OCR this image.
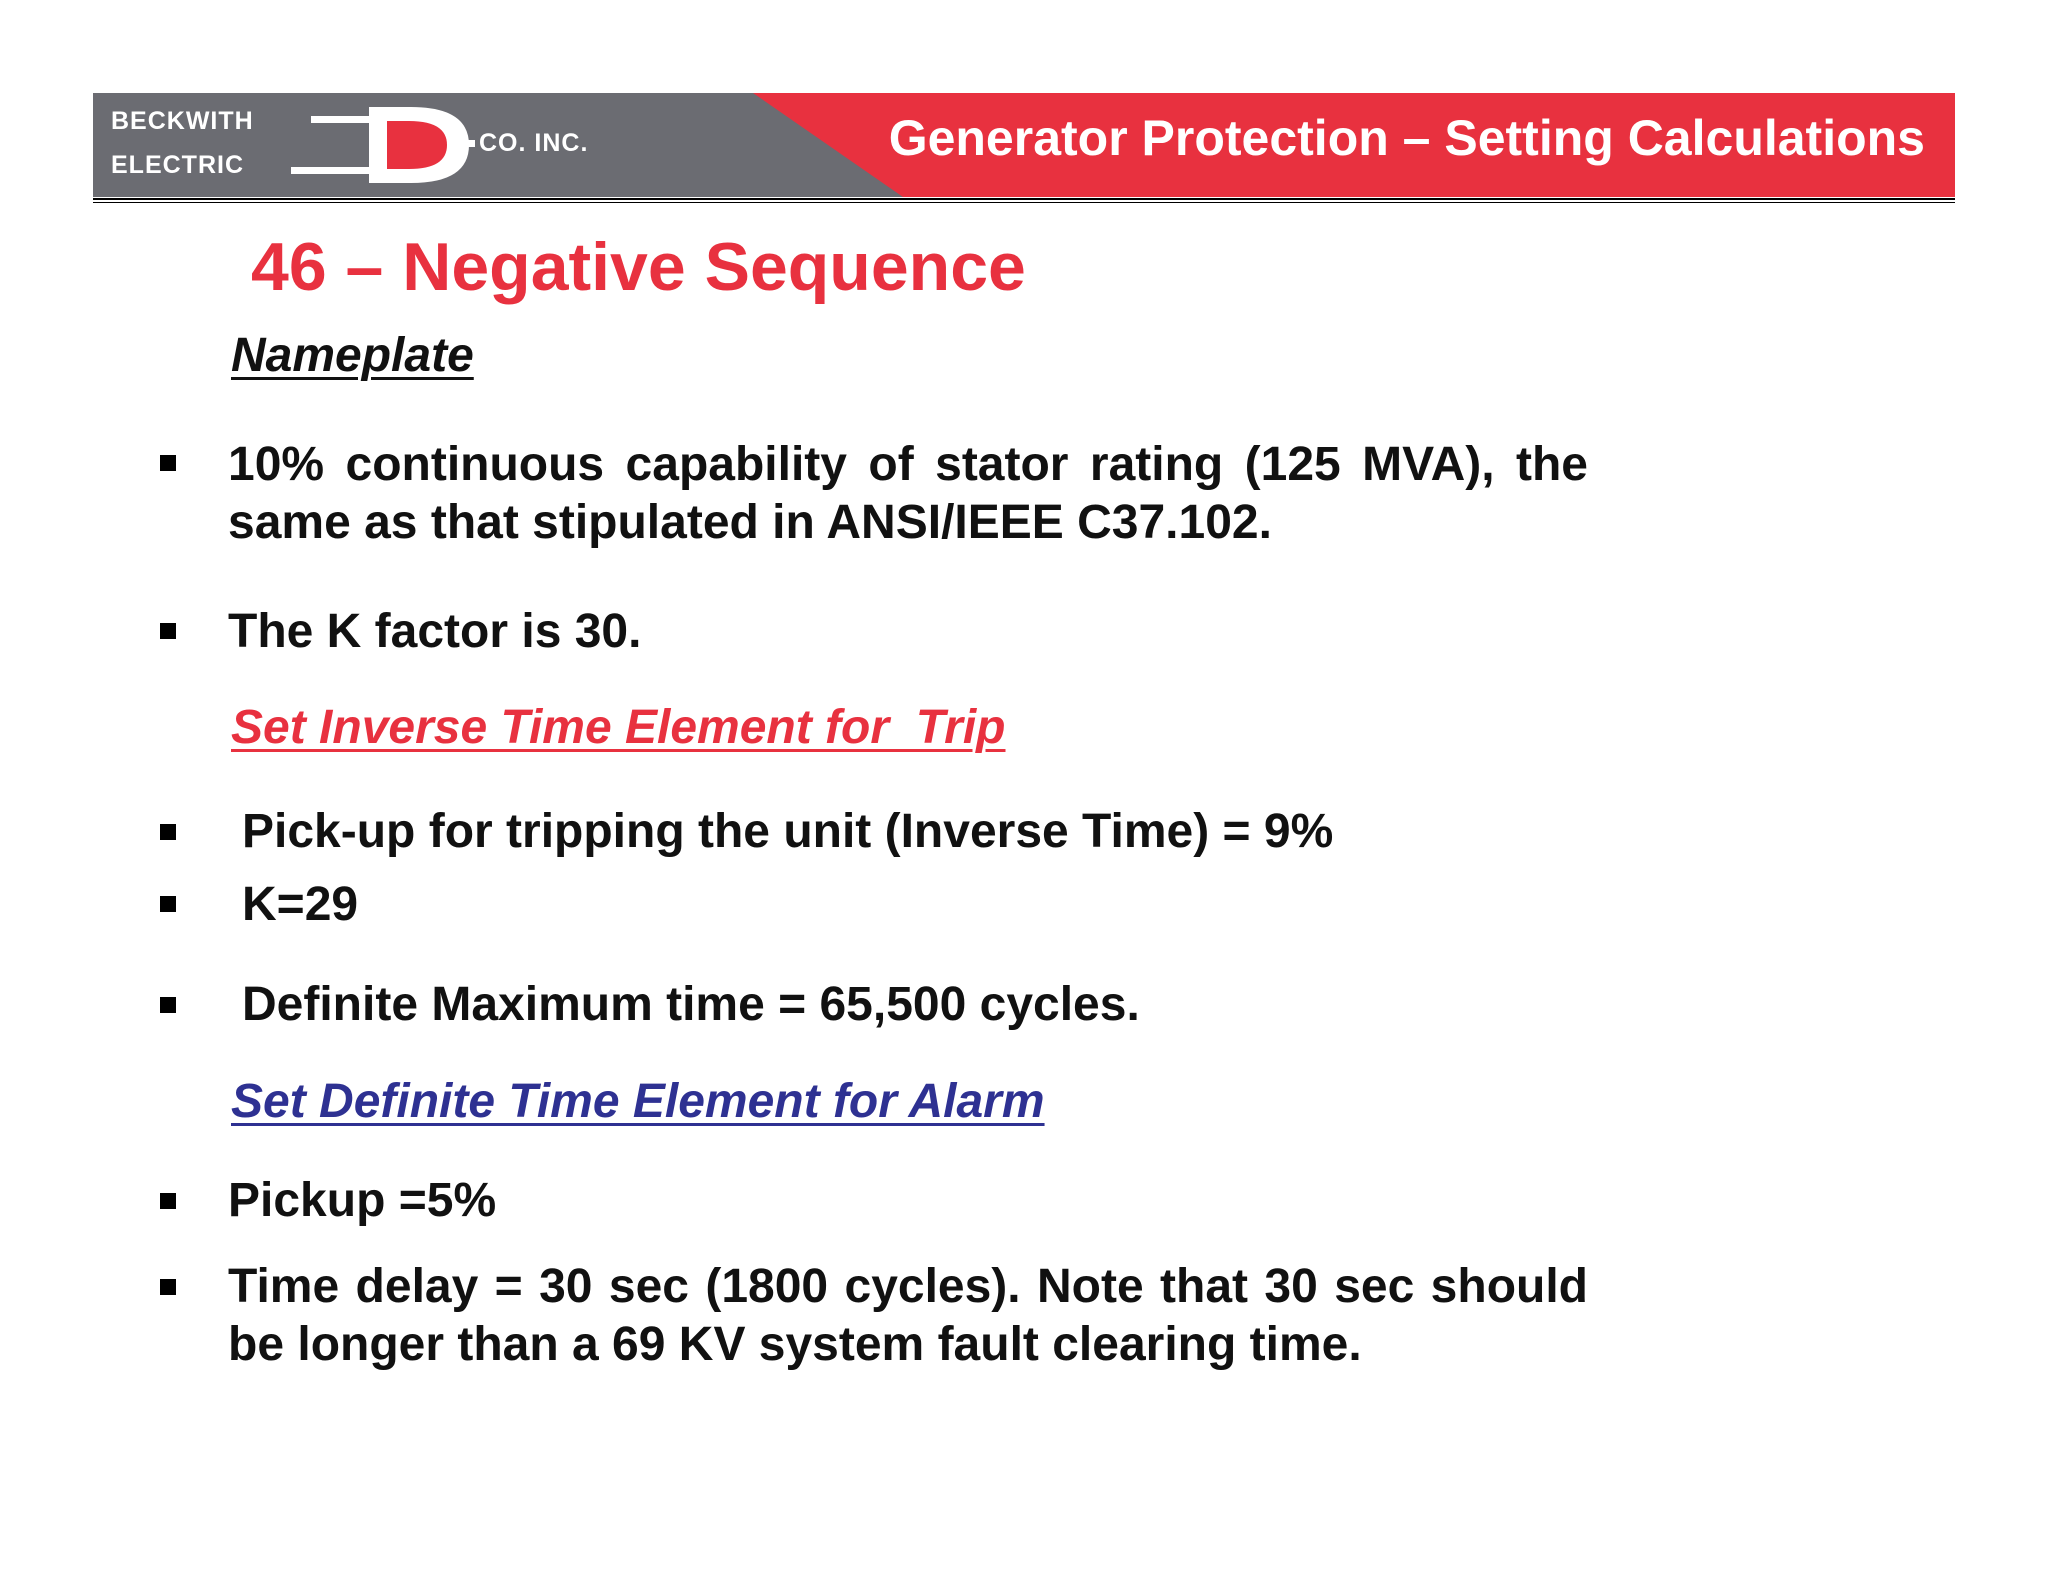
BECKWITH
ELECTRIC
CO. INC.	Generator Protection – Setting Calculations
46 – Negative Sequence
Nameplate
10% continuous capability of stator rating (125 MVA), the same as that stipulated in ANSI/IEEE C37.102.
The K factor is 30.
Set Inverse Time Element for  Trip
Pick-up for tripping the unit (Inverse Time) = 9%
K=29
Definite Maximum time = 65,500 cycles.
Set Definite Time Element for Alarm
Pickup =5%
Time delay = 30 sec (1800 cycles). Note that 30 sec should be longer than a 69 KV system fault clearing time.
